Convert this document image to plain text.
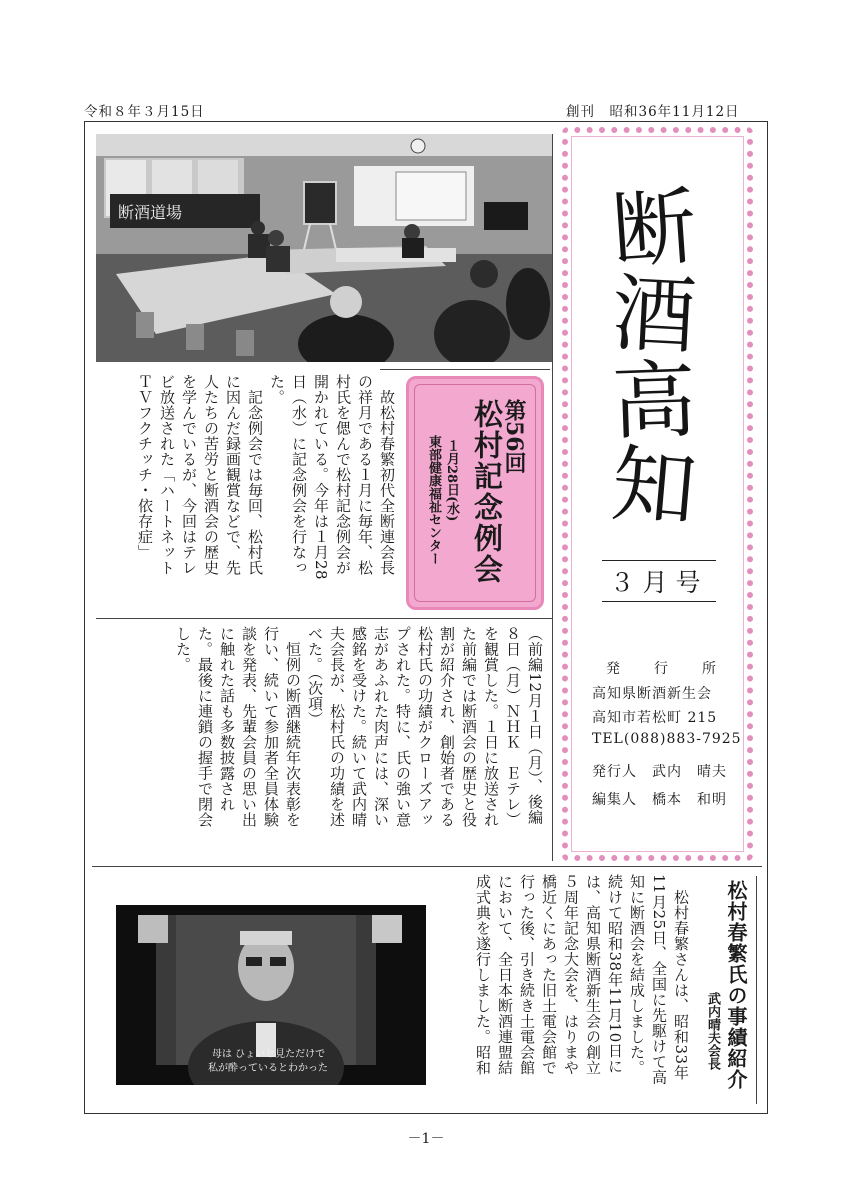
令和８年３月15日	創刊　昭和36年11月12日
断酒道場
第56回
松村記念例会
１月28日(水)
東部健康福祉センター
　故松村春繁初代全断連会長
の祥月である１月に毎年、松
村氏を偲んで松村記念例会が
開かれている。今年は１月28
日（水）に記念例会を行なっ
た。
　記念例会では毎回、松村氏
に因んだ録画観賞などで、先
人たちの苦労と断酒会の歴史
を学んでいるが、今回はテレ
ビ放送された「ハートネット
ＴＶフクチッチ・依存症」
（前編12月１日（月）、後編
８日（月）ＮＨＫ　Ｅテレ）
を観賞した。１日に放送され
た前編では断酒会の歴史と役
割が紹介され、創始者である
松村氏の功績がクローズアッ
プされた。特に、氏の強い意
志があふれた肉声には、深い
感銘を受けた。続いて武内晴
夫会長が、松村氏の功績を述
べた。（次項）
　恒例の断酒継続年次表彰を
行い、続いて参加者全員体験
談を発表、先輩会員の思い出
に触れた話も多数披露され
た。最後に連鎖の握手で閉会
した。
断
酒
高
知
３月号
発　行　所
高知県断酒新生会
高知市若松町 215
TEL(088)883-7925
発行人　武内　晴夫
編集人　橋本　和明
松村春繁氏の事績紹介
武内晴夫会長
　松村春繁さんは、昭和33年
11月25日、全国に先駆けて高
知に断酒会を結成しました。
続けて昭和38年11月10日に
は、高知県断酒新生会の創立
５周年記念大会を、はりまや
橋近くにあった旧土電会館で
行った後、引き続き土電会館
において、全日本断酒連盟結
成式典を遂行しました。昭和
母は ひょいと見ただけで
私が酔っているとわかった
－1－
